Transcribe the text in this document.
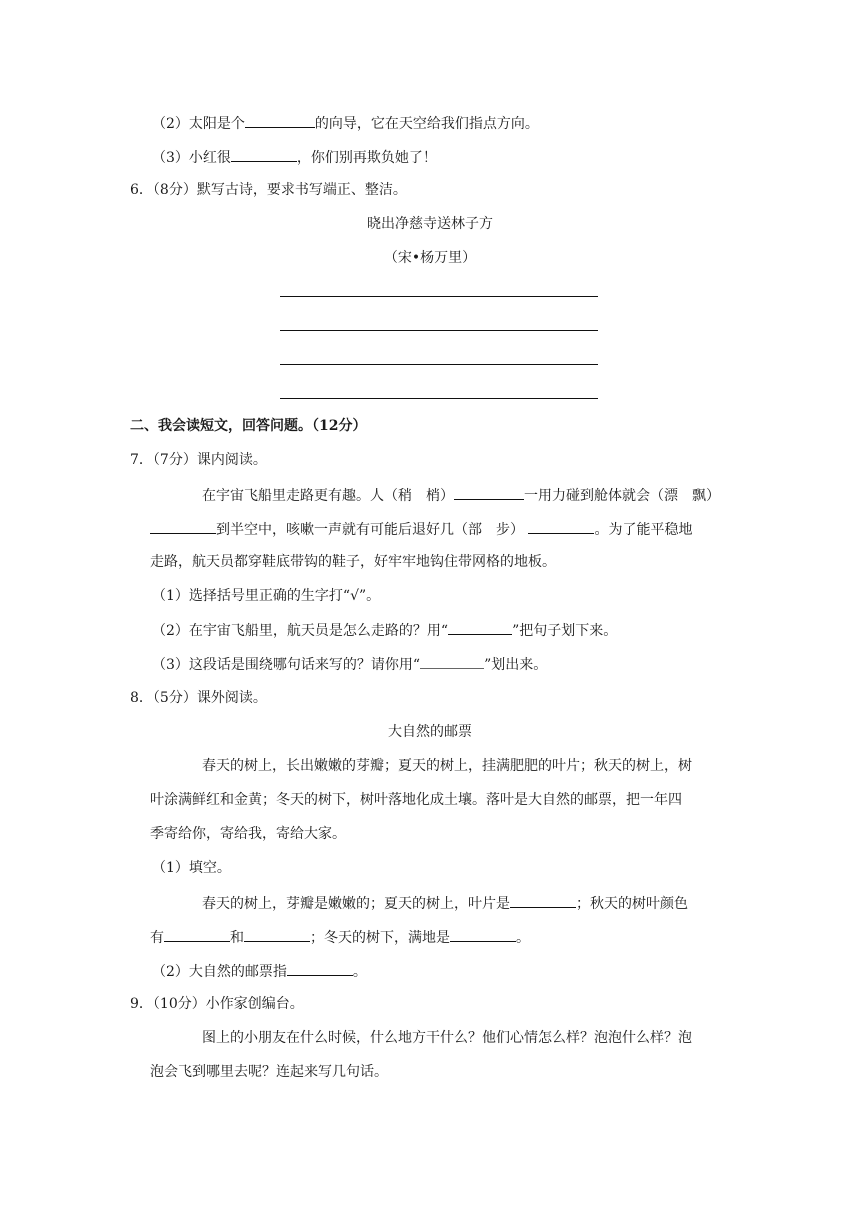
（2）太阳是个	的向导，它在天空给我们指点方向。
（3）小红很	，你们别再欺负她了！
6．（8分）默写古诗，要求书写端正、整洁。
晓出净慈寺送林子方
（宋•杨万里）
二、我会读短文，回答问题。（12分）
7．（7分）课内阅读。
在宇宙飞船里走路更有趣。人（稍　梢）	一用力碰到舱体就会（漂　飘）
到半空中，咳嗽一声就有可能后退好几（部　步）	。为了能平稳地
走路，航天员都穿鞋底带钩的鞋子，好牢牢地钩住带网格的地板。
（1）选择括号里正确的生字打“√”。
（2）在宇宙飞船里，航天员是怎么走路的？用“	”把句子划下来。
（3）这段话是围绕哪句话来写的？请你用“	”划出来。
8．（5分）课外阅读。
大自然的邮票
春天的树上，长出嫩嫩的芽瓣；夏天的树上，挂满肥肥的叶片；秋天的树上，树
叶涂满鲜红和金黄；冬天的树下，树叶落地化成土壤。落叶是大自然的邮票，把一年四
季寄给你，寄给我，寄给大家。
（1）填空。
春天的树上，芽瓣是嫩嫩的；夏天的树上，叶片是	；秋天的树叶颜色
有	和	；冬天的树下，满地是	。
（2）大自然的邮票指	。
9．（10分）小作家创编台。
图上的小朋友在什么时候，什么地方干什么？他们心情怎么样？泡泡什么样？泡
泡会飞到哪里去呢？连起来写几句话。
